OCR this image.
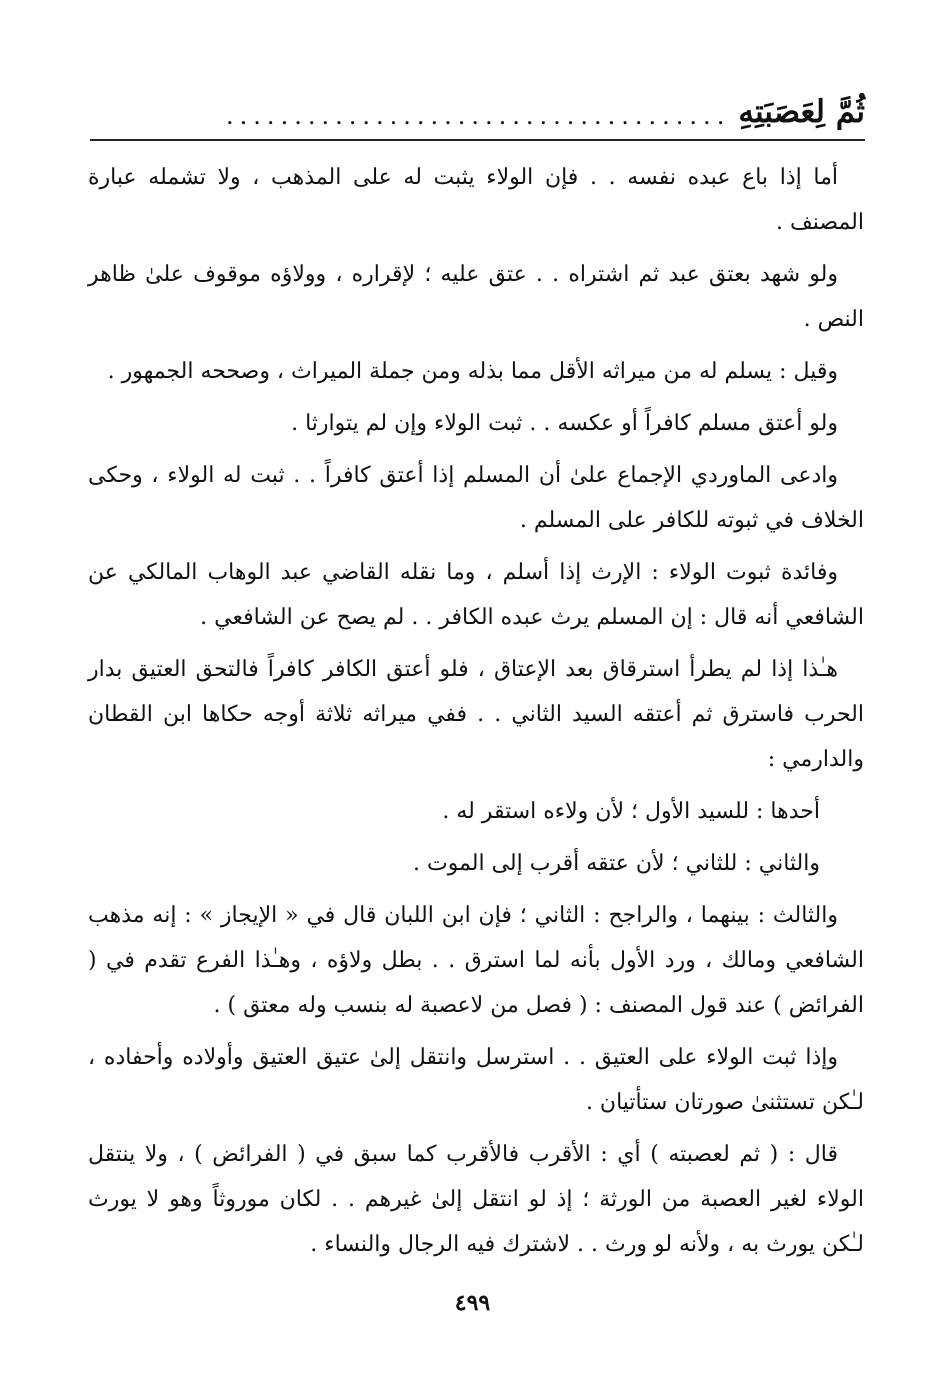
ثُمَّ لِعَصَبَتِهِ
.....................................

أما إذا باع عبده نفسه . . فإن الولاء يثبت له على المذهب ، ولا تشمله عبارة المصنف .

ولو شهد بعتق عبد ثم اشتراه . . عتق عليه ؛ لإقراره ، وولاؤه موقوف علىٰ ظاهر النص .

وقيل : يسلم له من ميراثه الأقل مما بذله ومن جملة الميراث ، وصححه الجمهور .

ولو أعتق مسلم كافراً أو عكسه . . ثبت الولاء وإن لم يتوارثا .

وادعى الماوردي الإجماع علىٰ أن المسلم إذا أعتق كافراً . . ثبت له الولاء ، وحكى الخلاف في ثبوته للكافر على المسلم .

وفائدة ثبوت الولاء : الإرث إذا أسلم ، وما نقله القاضي عبد الوهاب المالكي عن الشافعي أنه قال : إن المسلم يرث عبده الكافر . . لم يصح عن الشافعي .

هـٰذا إذا لم يطرأ استرقاق بعد الإعتاق ، فلو أعتق الكافر كافراً فالتحق العتيق بدار الحرب فاسترق ثم أعتقه السيد الثاني . . ففي ميراثه ثلاثة أوجه حكاها ابن القطان والدارمي :

أحدها : للسيد الأول ؛ لأن ولاءه استقر له .

والثاني : للثاني ؛ لأن عتقه أقرب إلى الموت .

والثالث : بينهما ، والراجح : الثاني ؛ فإن ابن اللبان قال في « الإيجاز » : إنه مذهب الشافعي ومالك ، ورد الأول بأنه لما استرق . . بطل ولاؤه ، وهـٰذا الفرع تقدم في ( الفرائض ) عند قول المصنف : ( فصل من لاعصبة له بنسب وله معتق ) .

وإذا ثبت الولاء على العتيق . . استرسل وانتقل إلىٰ عتيق العتيق وأولاده وأحفاده ، لـٰكن تستثنىٰ صورتان ستأتيان .

قال : ( ثم لعصبته ) أي : الأقرب فالأقرب كما سبق في ( الفرائض ) ، ولا ينتقل الولاء لغير العصبة من الورثة ؛ إذ لو انتقل إلىٰ غيرهم . . لكان موروثاً وهو لا يورث لـٰكن يورث به ، ولأنه لو ورث . . لاشترك فيه الرجال والنساء .

٤٩٩
